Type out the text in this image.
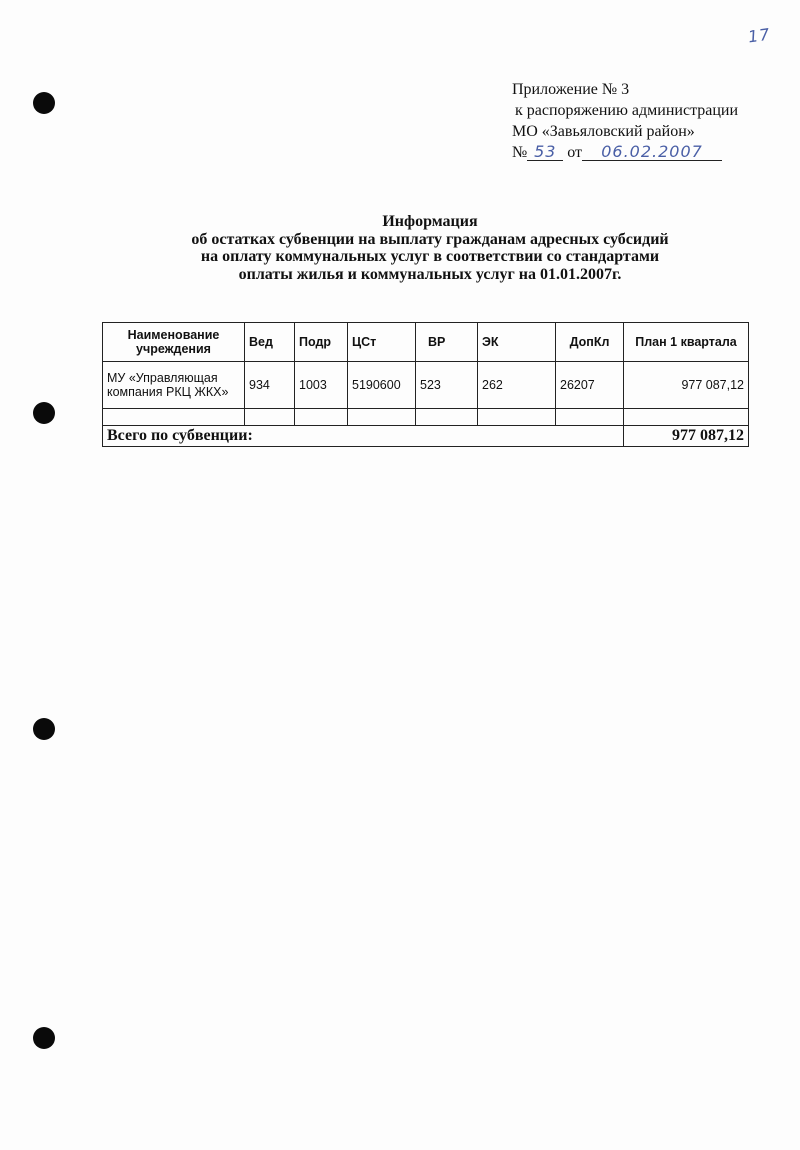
17
Приложение № 3
к распоряжению администрации
МО «Завьяловский район»
№ 53 от 06.02.2007
Информация
об остатках субвенции на выплату гражданам адресных субсидий
на оплату коммунальных услуг в соответствии со стандартами
оплаты жилья и коммунальных услуг на 01.01.2007г.
Наименование учреждения	Вед	Подр	ЦСт	ВР	ЭК	ДопКл	План 1 квартала
МУ «Управляющая компания РКЦ ЖКХ»	934	1003	5190600	523	262	26207	977 087,12

Всего по субвенции:							977 087,12
